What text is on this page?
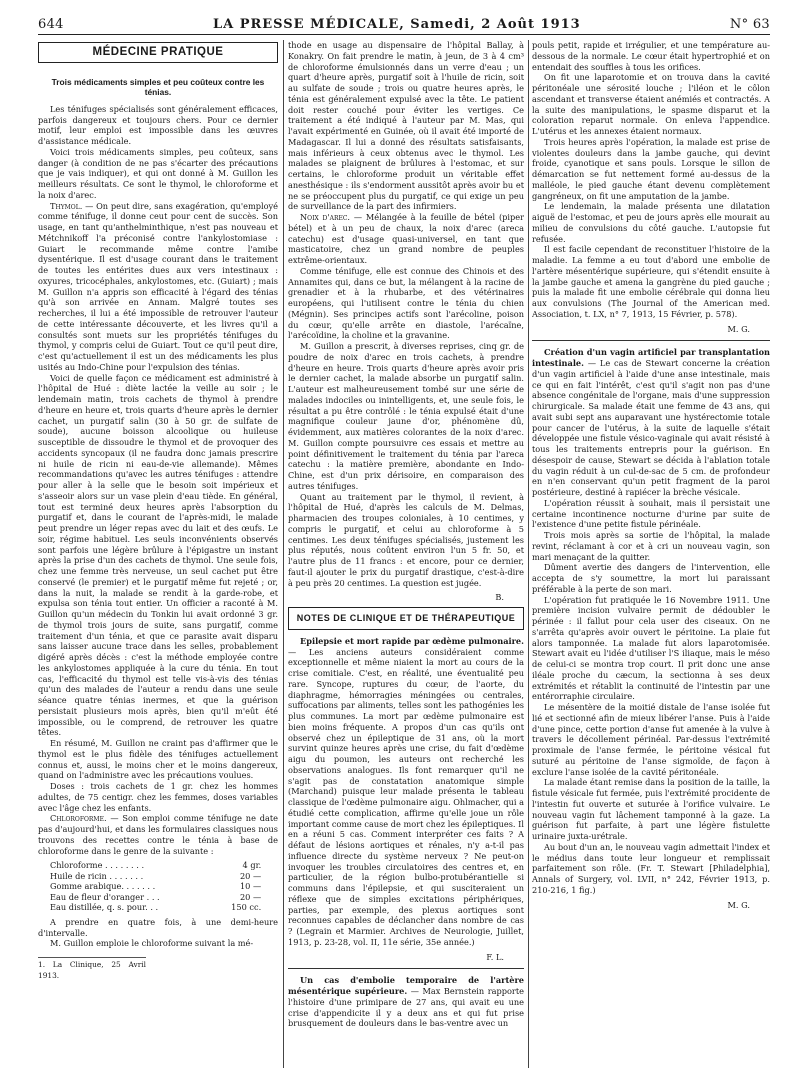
644	LA PRESSE MÉDICALE, Samedi, 2 Août 1913	N° 63
MÉDECINE PRATIQUE
Trois médicaments simples et peu coûteux contre les ténias.

Les ténifuges spécialisés sont généralement efficaces, parfois dangereux et toujours chers. Pour ce dernier motif, leur emploi est impossible dans les œuvres d'assistance médicale.

Voici trois médicaments simples, peu coûteux, sans danger (à condition de ne pas s'écarter des précautions que je vais indiquer), et qui ont donné à M. Guillon les meilleurs résultats. Ce sont le thymol, le chloroforme et la noix d'arec.

Thymol. — On peut dire, sans exagération, qu'employé comme ténifuge, il donne ceut pour cent de succès. Son usage, en tant qu'anthelminthique, n'est pas nouveau et Métchnikoff l'a préconisé contre l'ankylostomiase : Guiart le recommande même contre l'amibe dysentérique. Il est d'usage courant dans le traitement de toutes les entérites dues aux vers intestinaux : oxyures, tricocéphales, ankylostomes, etc. (Guiart) ; mais M. Guillon n'a appris son efficacité à l'égard des ténias qu'à son arrivée en Annam. Malgré toutes ses recherches, il lui a été impossible de retrouver l'auteur de cette intéressante découverte, et les livres qu'il a consultés sont muets sur les propriétés ténifuges du thymol, y compris celui de Guiart. Tout ce qu'il peut dire, c'est qu'actuellement il est un des médicaments les plus usités au Indo-Chine pour l'expulsion des ténias.

Voici de quelle façon ce médicament est administré à l'hôpital de Hué : diète lactée la veille au soir ; le lendemain matin, trois cachets de thymol à prendre d'heure en heure et, trois quarts d'heure après le dernier cachet, un purgatif salin (30 à 50 gr. de sulfate de soude), aucune boisson alcoolique ou huileuse susceptible de dissoudre le thymol et de provoquer des accidents syncopaux (il ne faudra donc jamais prescrire ni huile de ricin ni eau-de-vie allemande). Mêmes recommandations qu'avec les autres ténifuges : attendre pour aller à la selle que le besoin soit impérieux et s'asseoir alors sur un vase plein d'eau tiède. En général, tout est terminé deux heures après l'absorption du purgatif et, dans le courant de l'après-midi, le malade peut prendre un léger repas avec du lait et des œufs. Le soir, régime habituel. Les seuls inconvénients observés sont parfois une légère brûlure à l'épigastre un instant après la prise d'un des cachets de thymol. Une seule fois, chez une femme très nerveuse, un seul cachet put être conservé (le premier) et le purgatif même fut rejeté ; or, dans la nuit, la malade se rendit à la garde-robe, et expulsa son ténia tout entier. Un officier a raconté à M. Guillon qu'un médecin du Tonkin lui avait ordonné 3 gr. de thymol trois jours de suite, sans purgatif, comme traitement d'un ténia, et que ce parasite avait disparu sans laisser aucune trace dans les selles, probablement digéré après décès : c'est la méthode employée contre les ankylostomes appliquée à la cure du ténia. En tout cas, l'efficacité du thymol est telle vis-à-vis des ténias qu'un des malades de l'auteur a rendu dans une seule séance quatre ténias inermes, et que la guérison persistait plusieurs mois après, bien qu'il m'eût été impossible, ou le comprend, de retrouver les quatre têtes.

En résumé, M. Guillon ne craint pas d'affirmer que le thymol est le plus fidèle des ténifuges actuellement connus et, aussi, le moins cher et le moins dangereux, quand on l'administre avec les précautions voulues.

Doses : trois cachets de 1 gr. chez les hommes adultes, de 75 centigr. chez les femmes, doses variables avec l'âge chez les enfants.

Chloroforme. — Son emploi comme ténifuge ne date pas d'aujourd'hui, et dans les formulaires classiques nous trouvons des recettes contre le ténia à base de chloroforme dans le genre de la suivante :

Chloroforme . . . . . . . .	4 gr.
Huile de ricin . . . . . . .	20 —
Gomme arabique. . . . . . .	10 —
Eau de fleur d'oranger . . .	20 —
Eau distillée, q. s. pour. . .	150 cc.

A prendre en quatre fois, à une demi-heure d'intervalle.

M. Guillon emploie le chloroforme suivant la mé-

1. La Clinique, 25 Avril 1913.

thode en usage au dispensaire de l'hôpital Ballay, à Konakry. On fait prendre le matin, à jeun, de 3 à 4 cm³ de chloroforme émulsionnés dans un verre d'eau ; un quart d'heure après, purgatif soit à l'huile de ricin, soit au sulfate de soude ; trois ou quatre heures après, le ténia est généralement expulsé avec la tête. Le patient doit rester couché pour éviter les vertiges. Ce traitement a été indiqué à l'auteur par M. Mas, qui l'avait expérimenté en Guinée, où il avait été importé de Madagascar. Il lui a donné des résultats satisfaisants, mais inférieurs à ceux obtenus avec le thymol. Les malades se plaignent de brûlures à l'estomac, et sur certains, le chloroforme produit un véritable effet anesthésique : ils s'endorment aussitôt après avoir bu et ne se préoccupent plus du purgatif, ce qui exige un peu de surveillance de la part des infirmiers.

Noix d'arec. — Mélangée à la feuille de bétel (piper bétel) et à un peu de chaux, la noix d'arec (areca catechu) est d'usage quasi-universel, en tant que masticatoire, chez un grand nombre de peuples extrême-orientaux.

Comme ténifuge, elle est connue des Chinois et des Annamites qui, dans ce but, la mélangent à la racine de grenadier et à la rhubarbe, et des vétérinaires européens, qui l'utilisent contre le ténia du chien (Mégnin). Ses principes actifs sont l'arécoline, poison du cœur, qu'elle arrête en diastole, l'arécaïne, l'arécoïdine, la choline et la gravanine.

M. Guillon a prescrit, à diverses reprises, cinq gr. de poudre de noix d'arec en trois cachets, à prendre d'heure en heure. Trois quarts d'heure après avoir pris le dernier cachet, la malade absorbe un purgatif salin. L'auteur est malheureusement tombé sur une série de malades indociles ou inintelligents, et, une seule fois, le résultat a pu être contrôlé : le ténia expulsé était d'une magnifique couleur jaune d'or, phénomène dû, évidemment, aux matières colorantes de la noix d'arec. M. Guillon compte poursuivre ces essais et mettre au point définitivement le traitement du ténia par l'areca catechu : la matière première, abondante en Indo-Chine, est d'un prix dérisoire, en comparaison des autres ténifuges.

Quant au traitement par le thymol, il revient, à l'hôpital de Hué, d'après les calculs de M. Delmas, pharmacien des troupes coloniales, à 10 centimes, y compris le purgatif, et celui au chloroforme à 5 centimes. Les deux ténifuges spécialisés, justement les plus réputés, nous coûtent environ l'un 5 fr. 50, et l'autre plus de 11 francs : et encore, pour ce dernier, faut-il ajouter le prix du purgatif drastique, c'est-à-dire à peu près 20 centimes. La question est jugée.

B.
NOTES DE CLINIQUE ET DE THÉRAPEUTIQUE

Epilepsie et mort rapide par œdème pulmonaire. — Les anciens auteurs considéraient comme exceptionnelle et même niaient la mort au cours de la crise comitiale. C'est, en réalité, une éventualité peu rare. Syncope, ruptures du cœur, de l'aorte, du diaphragme, hémorragies méningées ou centrales, suffocations par aliments, telles sont les pathogénies les plus communes. La mort par œdème pulmonaire est bien moins fréquente. A propos d'un cas qu'ils ont observé chez un épileptique de 31 ans, où la mort survint quinze heures après une crise, du fait d'œdème aigu du poumon, les auteurs ont recherché les observations analogues. Ils font remarquer qu'il ne s'agit pas de constatation anatomique simple (Marchand) puisque leur malade présenta le tableau classique de l'œdème pulmonaire aigu. Ohlmacher, qui a étudié cette complication, affirme qu'elle joue un rôle important comme cause de mort chez les épileptiques. Il en a réuni 5 cas. Comment interpréter ces faits ? A défaut de lésions aortiques et rénales, n'y a-t-il pas influence directe du système nerveux ? Ne peut-on invoquer les troubles circulatoires des centres et, en particulier, de la région bulbo-protubérantielle si communs dans l'épilepsie, et qui susciteraient un réflexe que de simples excitations périphériques, parties, par exemple, des plexus aortiques sont reconnues capables de déclancher dans nombre de cas ? (Legrain et Marmier. Archives de Neurologie, Juillet, 1913, p. 23-28, vol. II, 11e série, 35e année.)

F. L.

Un cas d'embolie temporaire de l'artère mésentérique supérieure. — Max Bernstein rapporte l'histoire d'une primipare de 27 ans, qui avait eu une crise d'appendicite il y a deux ans et qui fut prise brusquement de douleurs dans le bas-ventre avec un

pouls petit, rapide et irrégulier, et une température au-dessous de la normale. Le cœur était hypertrophié et on entendait des souffles à tous les orifices.

On fit une laparotomie et on trouva dans la cavité péritonéale une sérosité louche ; l'iléon et le côlon ascendant et transverse étaient anémiés et contractés. A la suite des manipulations, le spasme disparut et la coloration reparut normale. On enleva l'appendice. L'utérus et les annexes étaient normaux.

Trois heures après l'opération, la malade est prise de violentes douleurs dans la jambe gauche, qui devint froide, cyanotique et sans pouls. Lorsque le sillon de démarcation se fut nettement formé au-dessus de la malléole, le pied gauche étant devenu complètement gangréneux, on fit une amputation de la jambe.

Le lendemain, la malade présenta une dilatation aiguë de l'estomac, et peu de jours après elle mourait au milieu de convulsions du côté gauche. L'autopsie fut refusée.

Il est facile cependant de reconstituer l'histoire de la maladie. La femme a eu tout d'abord une embolie de l'artère mésentérique supérieure, qui s'étendit ensuite à la jambe gauche et amena la gangrène du pied gauche ; puis la malade fit une embolie cérébrale qui donna lieu aux convulsions (The Journal of the American med. Association, t. LX, n° 7, 1913, 15 Février, p. 578).

M. G.

Création d'un vagin artificiel par transplantation intestinale. — Le cas de Stewart concerne la création d'un vagin artificiel à l'aide d'une anse intestinale, mais ce qui en fait l'intérêt, c'est qu'il s'agit non pas d'une absence congénitale de l'organe, mais d'une suppression chirurgicale. Sa malade était une femme de 43 ans, qui avait subi sept ans auparavant une hystérectomie totale pour cancer de l'utérus, à la suite de laquelle s'était développée une fistule vésico-vaginale qui avait résisté à tous les traitements entrepris pour la guérison. En désespoir de cause, Stewart se décida à l'ablation totale du vagin réduit à un cul-de-sac de 5 cm. de profondeur en n'en conservant qu'un petit fragment de la paroi postérieure, destiné à rapiécer la brèche vésicale.

L'opération réussit à souhait, mais il persistait une certaine incontinence nocturne d'urine par suite de l'existence d'une petite fistule périnéale.

Trois mois après sa sortie de l'hôpital, la malade revint, réclamant à cor et à cri un nouveau vagin, son mari menaçant de la quitter.

Dûment avertie des dangers de l'intervention, elle accepta de s'y soumettre, la mort lui paraissant préférable à la perte de son mari.

L'opération fut pratiquée le 16 Novembre 1911. Une première incision vulvaire permit de dédoubler le périnée : il fallut pour cela user des ciseaux. On ne s'arrêta qu'après avoir ouvert le péritoine. La plaie fut alors tamponnée. La malade fut alors laparotomisée. Stewart avait eu l'idée d'utiliser l'S iliaque, mais le méso de celui-ci se montra trop court. Il prit donc une anse iléale proche du cæcum, la sectionna à ses deux extrémités et rétablit la continuité de l'intestin par une entérorraphie circulaire.

Le mésentère de la moitié distale de l'anse isolée fut lié et sectionné afin de mieux libérer l'anse. Puis à l'aide d'une pince, cette portion d'anse fut amenée à la vulve à travers le décollement périnéal. Par-dessus l'extrémité proximale de l'anse fermée, le péritoine vésical fut suturé au péritoine de l'anse sigmoïde, de façon à exclure l'anse isolée de la cavité péritonéale.

La malade étant remise dans la position de la taille, la fistule vésicale fut fermée, puis l'extrémité procidente de l'intestin fut ouverte et suturée à l'orifice vulvaire. Le nouveau vagin fut lâchement tamponné à la gaze. La guérison fut parfaite, à part une légère fistulette urinaire juxta-urétrale.

Au bout d'un an, le nouveau vagin admettait l'index et le médius dans toute leur longueur et remplissait parfaitement son rôle. (Fr. T. Stewart [Philadelphia], Annals of Surgery, vol. LVII, n° 242, Février 1913, p. 210-216, 1 fig.)

M. G.
